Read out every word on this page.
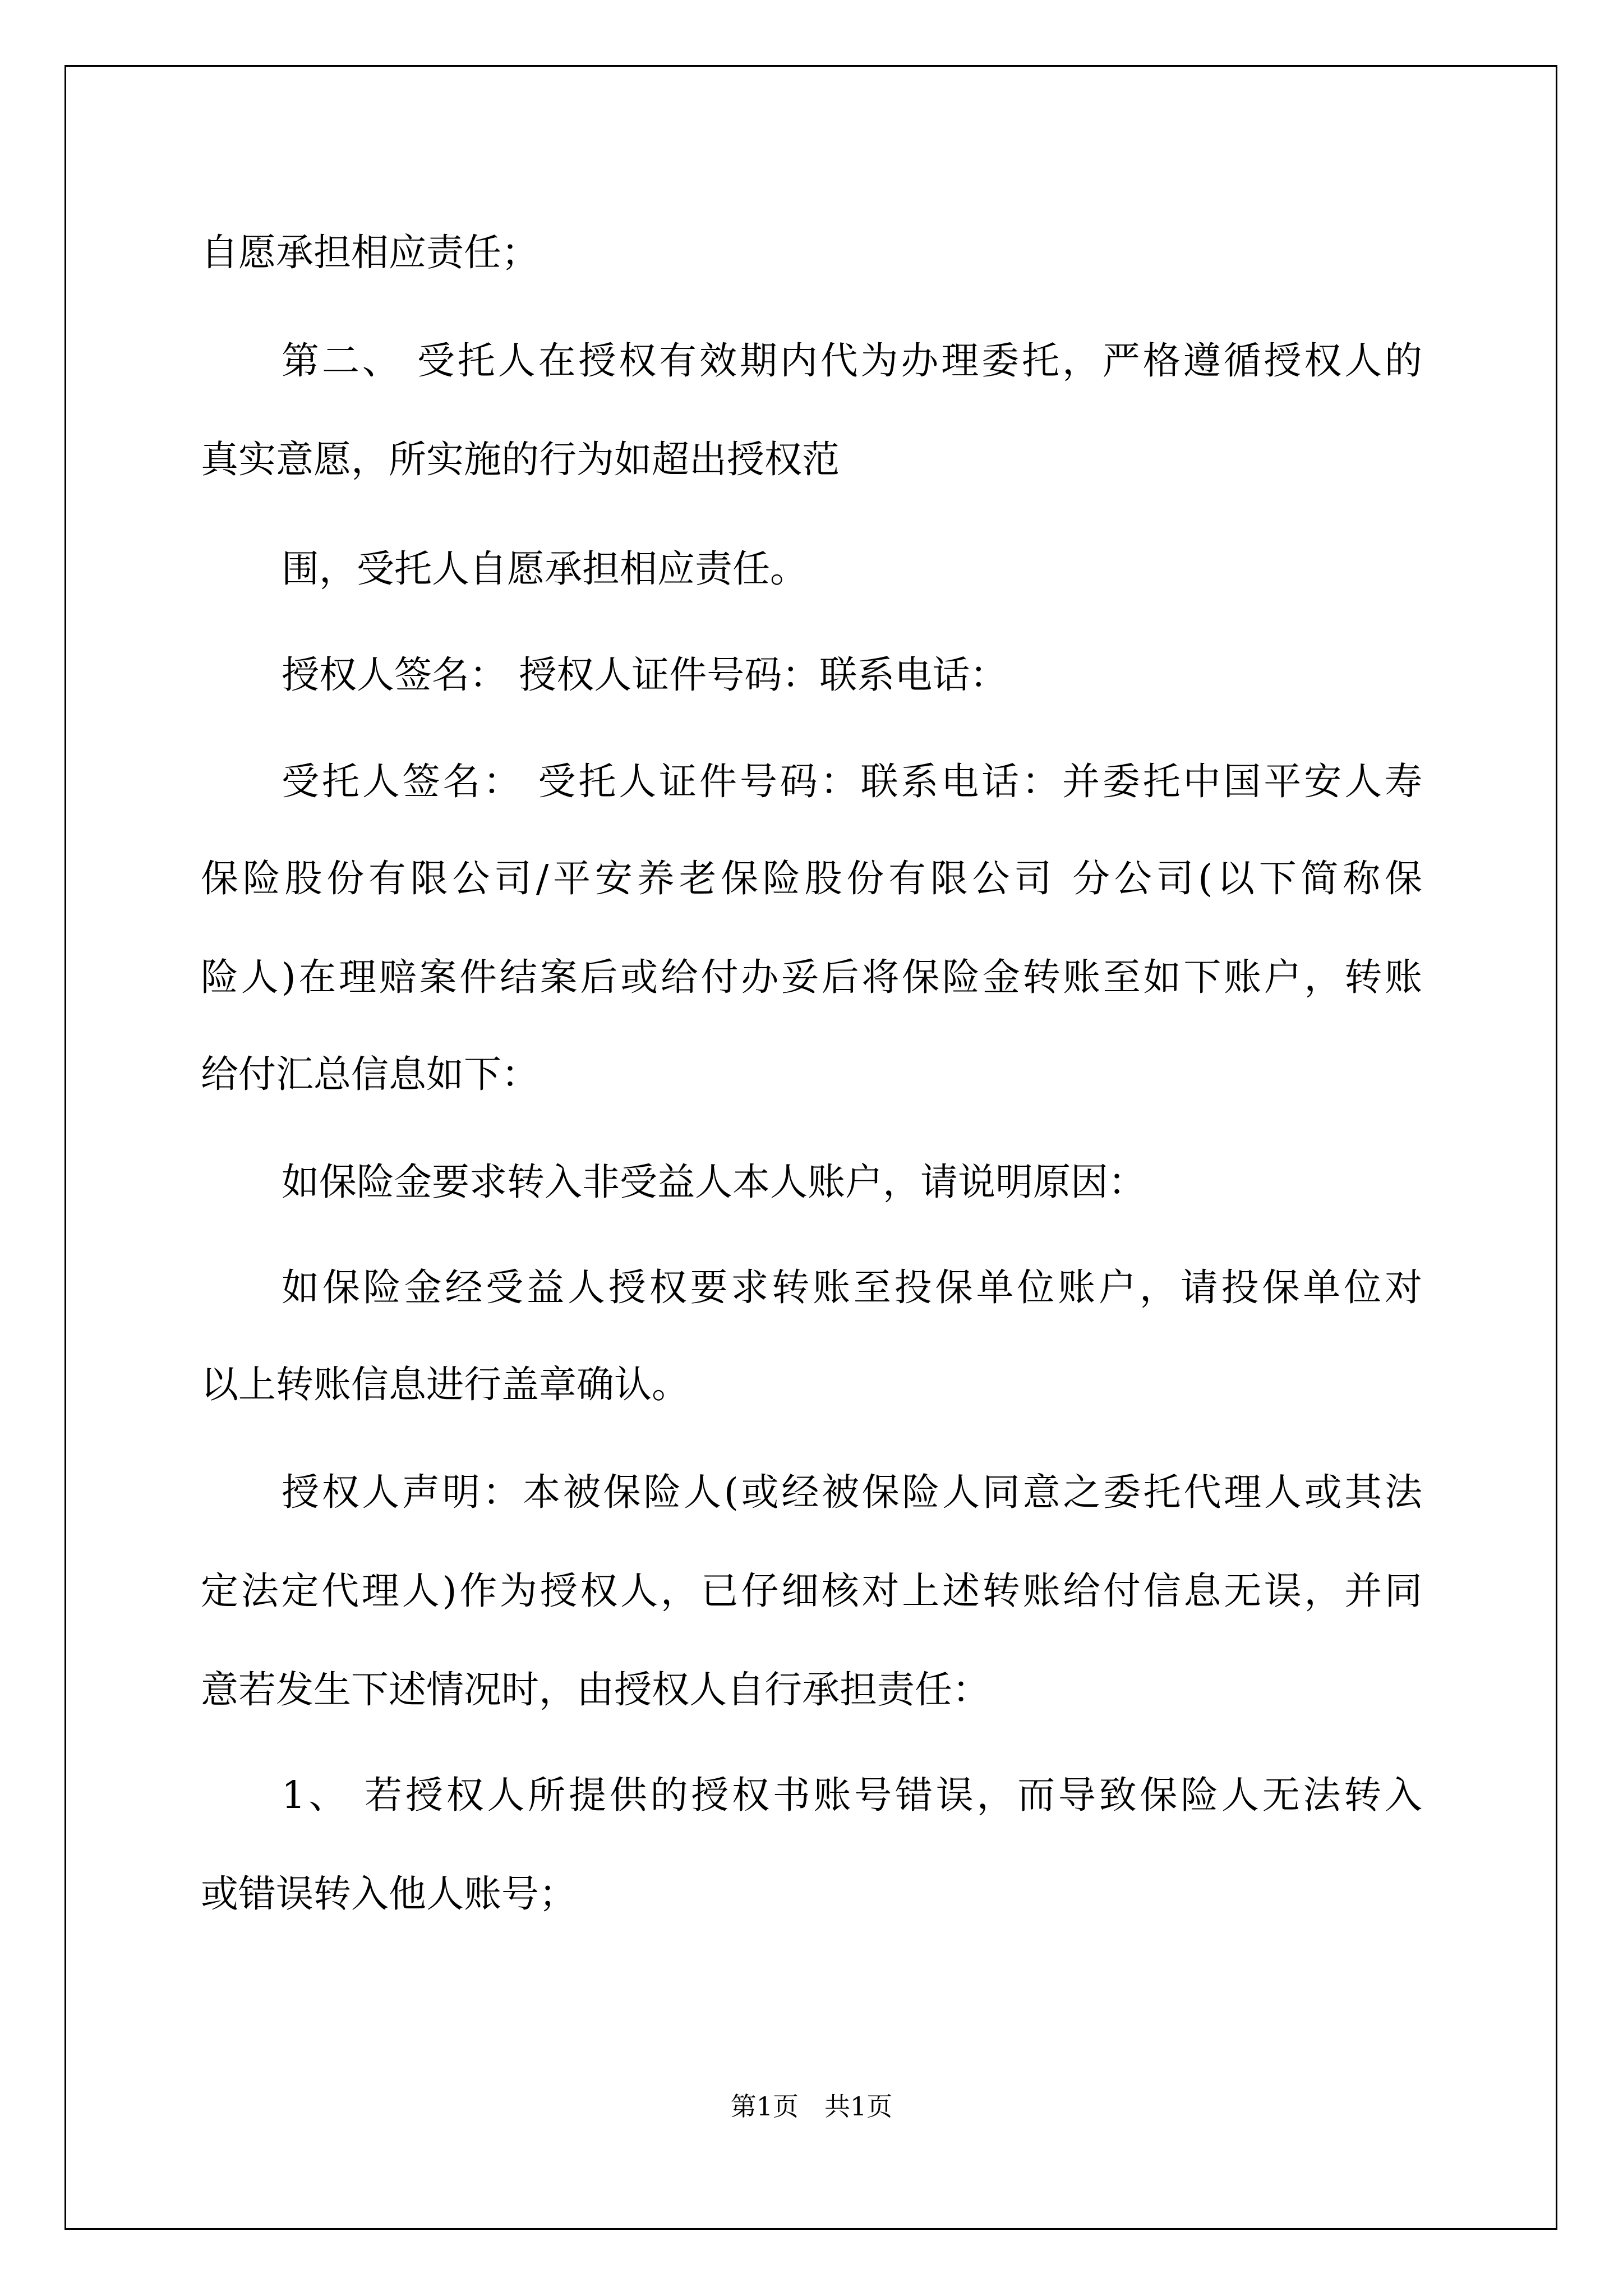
自愿承担相应责任；
第二、 受托人在授权有效期内代为办理委托，严格遵循授权人的
真实意愿，所实施的行为如超出授权范
围，受托人自愿承担相应责任。
授权人签名： 授权人证件号码：联系电话：
受托人签名： 受托人证件号码：联系电话：并委托中国平安人寿
保险股份有限公司/平安养老保险股份有限公司 分公司(以下简称保
险人)在理赔案件结案后或给付办妥后将保险金转账至如下账户，转账
给付汇总信息如下：
如保险金要求转入非受益人本人账户，请说明原因：
如保险金经受益人授权要求转账至投保单位账户，请投保单位对
以上转账信息进行盖章确认。
授权人声明：本被保险人(或经被保险人同意之委托代理人或其法
定法定代理人)作为授权人，已仔细核对上述转账给付信息无误，并同
意若发生下述情况时，由授权人自行承担责任：
1、 若授权人所提供的授权书账号错误，而导致保险人无法转入
或错误转入他人账号；
第1页　共1页
